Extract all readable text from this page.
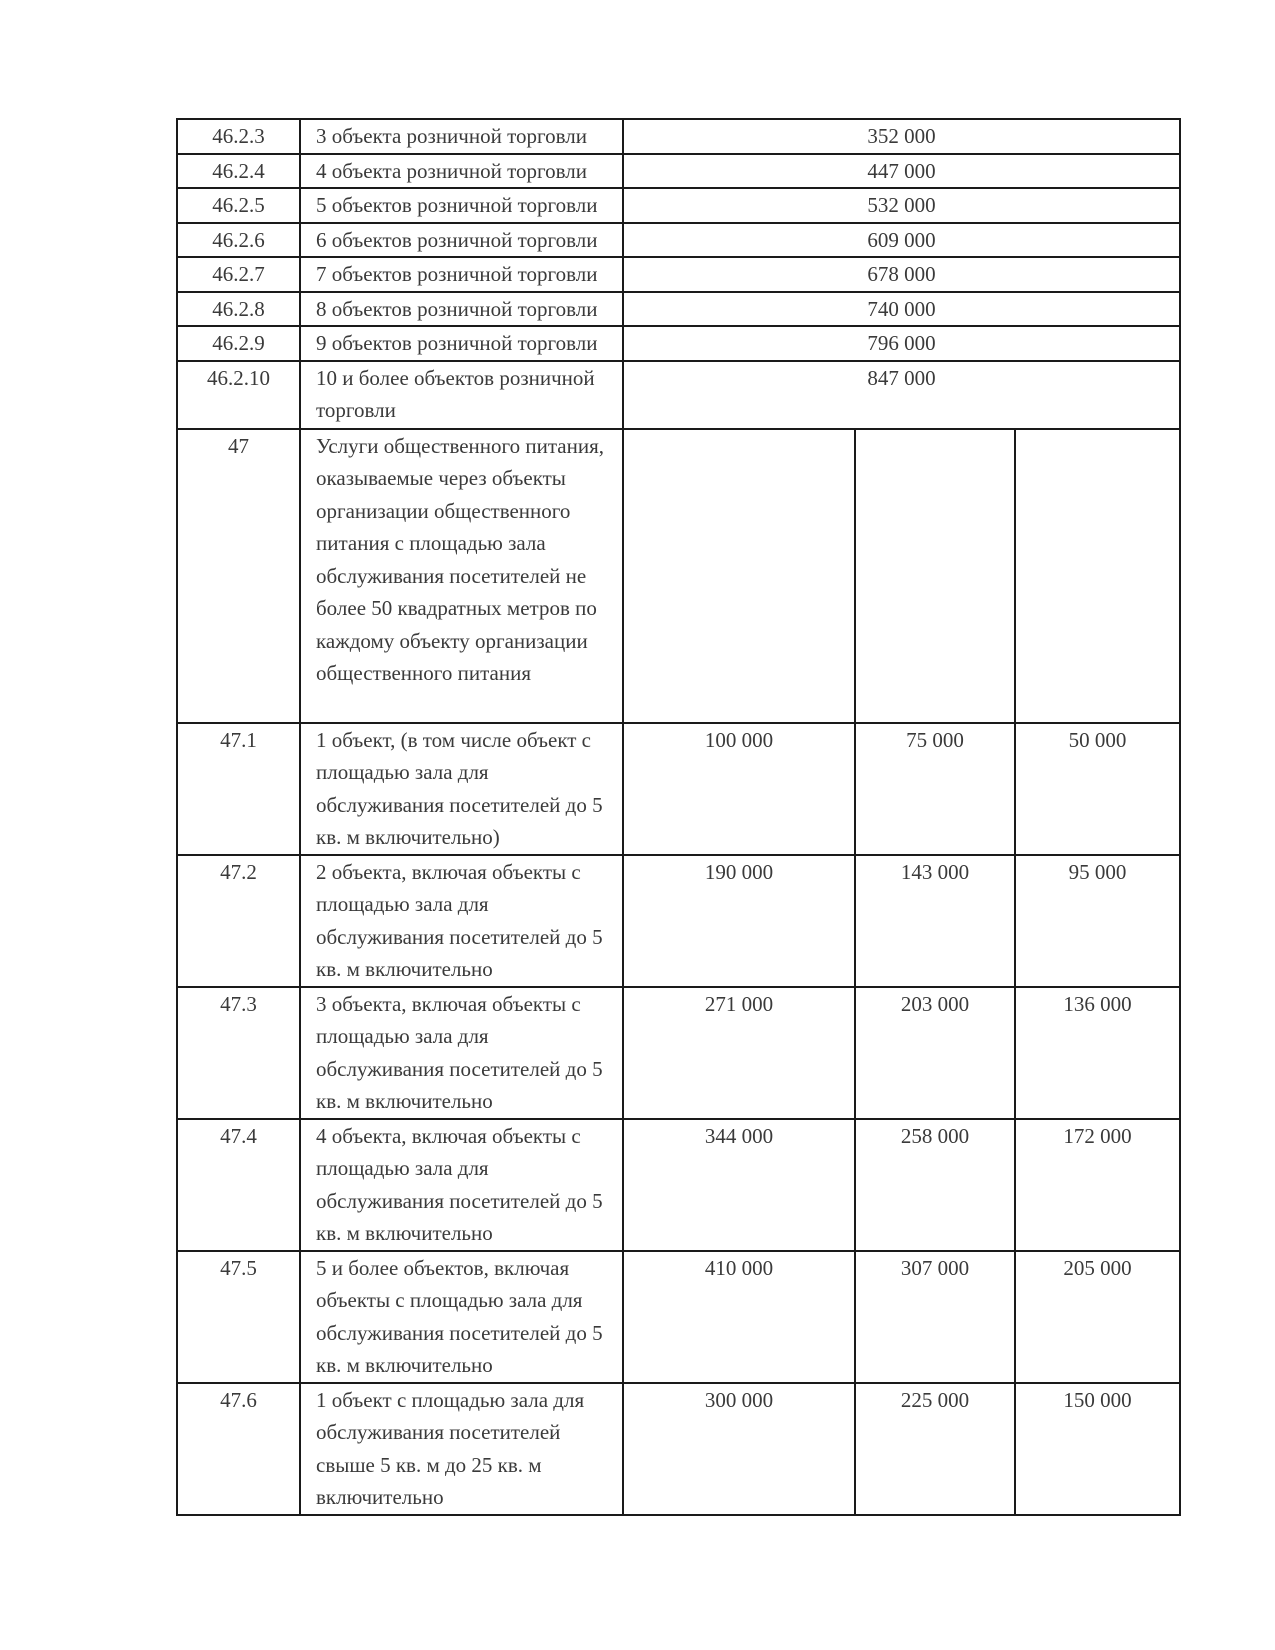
46.2.3	3 объекта розничной торговли	352 000		
46.2.4	4 объекта розничной торговли	447 000		
46.2.5	5 объектов розничной торговли	532 000		
46.2.6	6 объектов розничной торговли	609 000		
46.2.7	7 объектов розничной торговли	678 000		
46.2.8	8 объектов розничной торговли	740 000		
46.2.9	9 объектов розничной торговли	796 000		
46.2.10	10 и более объектов розничной торговли	847 000		
47	Услуги общественного питания, оказываемые через объекты организации общественного питания с площадью зала обслуживания посетителей не более 50 квадратных метров по каждому объекту организации общественного питания			
47.1	1 объект, (в том числе объект с площадью зала для обслуживания посетителей до 5 кв. м включительно)	100 000	75 000	50 000
47.2	2 объекта, включая объекты с площадью зала для обслуживания посетителей до 5 кв. м включительно	190 000	143 000	95 000
47.3	3 объекта, включая объекты с площадью зала для обслуживания посетителей до 5 кв. м включительно	271 000	203 000	136 000
47.4	4 объекта, включая объекты с площадью зала для обслуживания посетителей до 5 кв. м включительно	344 000	258 000	172 000
47.5	5 и более объектов, включая объекты с площадью зала для обслуживания посетителей до 5 кв. м включительно	410 000	307 000	205 000
47.6	1 объект с площадью зала для обслуживания посетителей свыше 5 кв. м до 25 кв. м включительно	300 000	225 000	150 000
